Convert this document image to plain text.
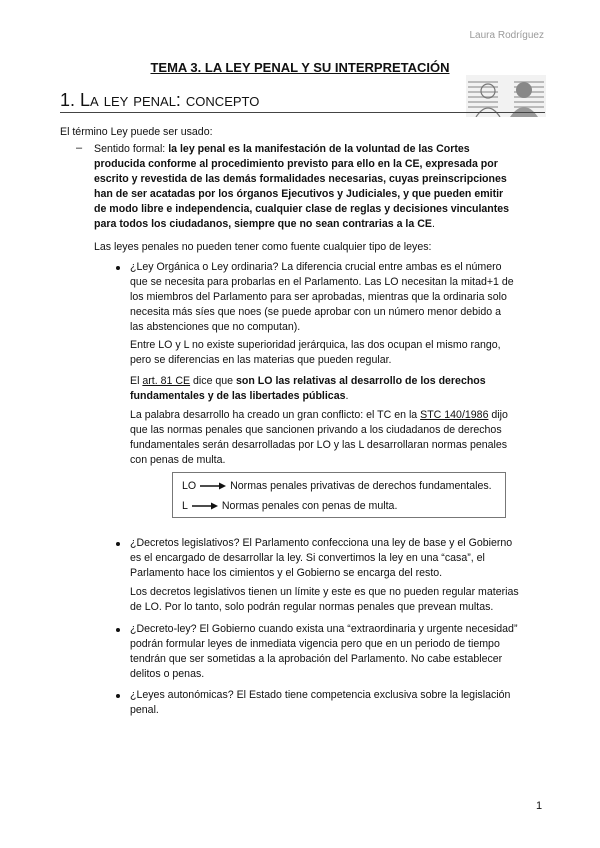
Laura Rodríguez
TEMA 3. LA LEY PENAL Y SU INTERPRETACIÓN
1. La ley penal: concepto
El término Ley puede ser usado:
– Sentido formal: la ley penal es la manifestación de la voluntad de las Cortes producida conforme al procedimiento previsto para ello en la CE, expresada por escrito y revestida de las demás formalidades necesarias, cuyas preinscripciones han de ser acatadas por los órganos Ejecutivos y Judiciales, y que pueden emitir de modo libre e independencia, cualquier clase de reglas y decisiones vinculantes para todos los ciudadanos, siempre que no sean contrarias a la CE.
Las leyes penales no pueden tener como fuente cualquier tipo de leyes:
¿Ley Orgánica o Ley ordinaria? La diferencia crucial entre ambas es el número que se necesita para probarlas en el Parlamento. Las LO necesitan la mitad+1 de los miembros del Parlamento para ser aprobadas, mientras que la ordinaria solo necesita más síes que noes (se puede aprobar con un número menor debido a las abstenciones que no computan).
Entre LO y L no existe superioridad jerárquica, las dos ocupan el mismo rango, pero se diferencias en las materias que pueden regular.
El art. 81 CE dice que son LO las relativas al desarrollo de los derechos fundamentales y de las libertades públicas.
La palabra desarrollo ha creado un gran conflicto: el TC en la STC 140/1986 dijo que las normas penales que sancionen privando a los ciudadanos de derechos fundamentales serán desarrolladas por LO y las L desarrollaran normas penales con penas de multa.
LO	Normas penales privativas de derechos fundamentales.
L	Normas penales con penas de multa.
¿Decretos legislativos? El Parlamento confecciona una ley de base y el Gobierno es el encargado de desarrollar la ley. Si convertimos la ley en una “casa”, el Parlamento hace los cimientos y el Gobierno se encarga del resto.
Los decretos legislativos tienen un límite y este es que no pueden regular materias de LO. Por lo tanto, solo podrán regular normas penales que prevean multas.
¿Decreto-ley? El Gobierno cuando exista una “extraordinaria y urgente necesidad” podrán formular leyes de inmediata vigencia pero que en un periodo de tiempo tendrán que ser sometidas a la aprobación del Parlamento. No cabe establecer delitos o penas.
¿Leyes autonómicas? El Estado tiene competencia exclusiva sobre la legislación penal.
1
